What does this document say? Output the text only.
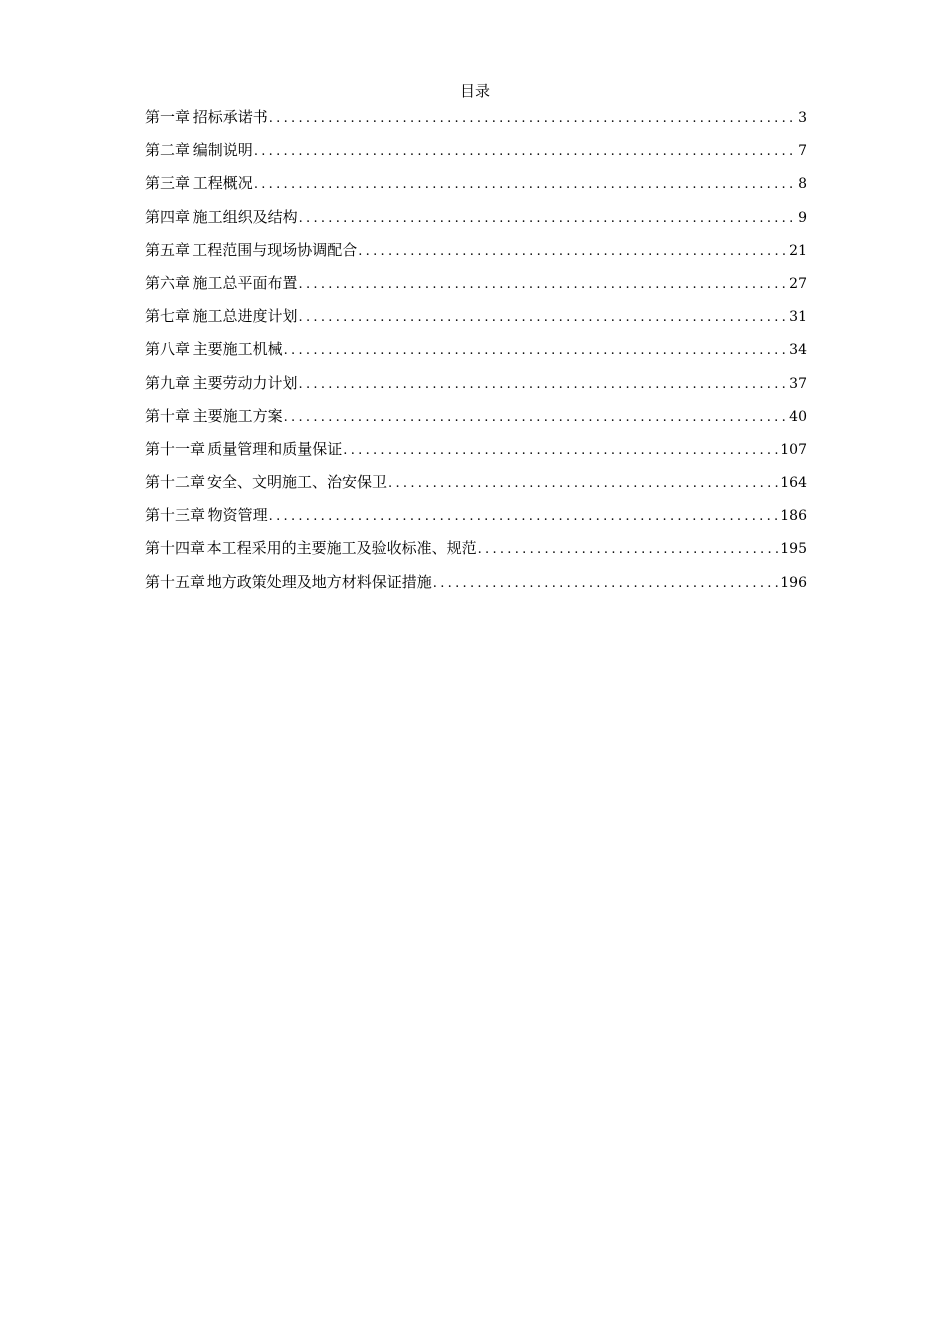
目录
第一章 招标承诺书 .....	3
第二章 编制说明 .....	7
第三章 工程概况 .....	8
第四章 施工组织及结构 .....	9
第五章 工程范围与现场协调配合 .....	21
第六章 施工总平面布置 .....	27
第七章 施工总进度计划 .....	31
第八章 主要施工机械 .....	34
第九章 主要劳动力计划 .....	37
第十章 主要施工方案 .....	40
第十一章 质量管理和质量保证 .....	107
第十二章 安全、文明施工、治安保卫 .....	164
第十三章 物资管理 .....	186
第十四章 本工程采用的主要施工及验收标准、规范 .....	195
第十五章 地方政策处理及地方材料保证措施 .....	196
